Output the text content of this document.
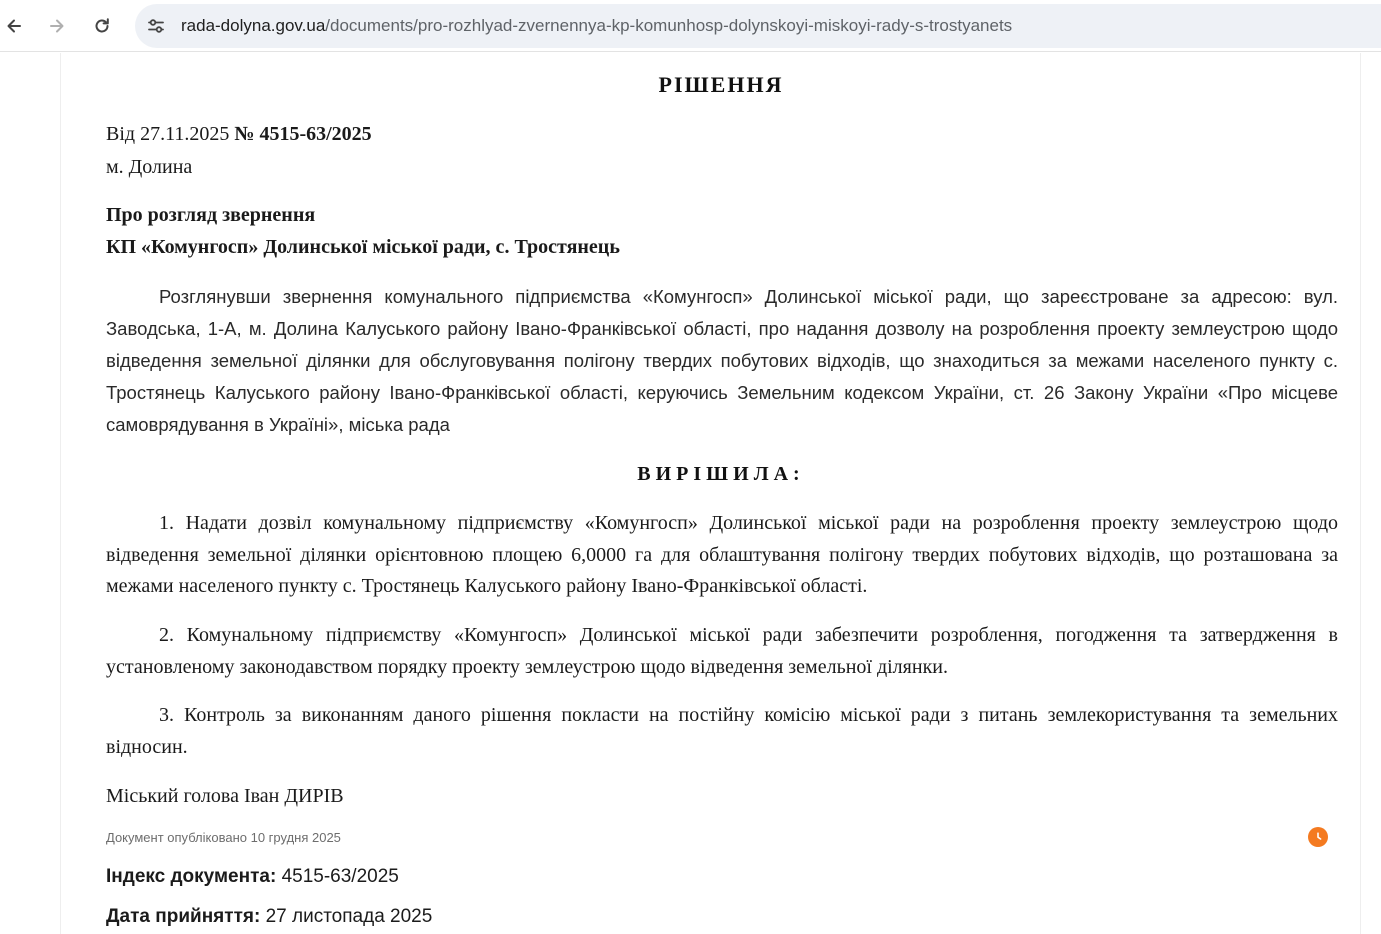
rada-dolyna.gov.ua/documents/pro-rozhlyad-zvernennya-kp-komunhosp-dolynskoyi-miskoyi-rady-s-trostyanets
РІШЕННЯ
Від 27.11.2025 № 4515-63/2025
м. Долина
Про розгляд звернення
КП «Комунгосп» Долинської міської ради, с. Тростянець
Розглянувши звернення комунального підприємства «Комунгосп» Долинської міської ради, що зареєстроване за адресою: вул. Заводська, 1-А, м. Долина Калуського району Івано-Франківської області, про надання дозволу на розроблення проекту землеустрою щодо відведення земельної ділянки для обслуговування полігону твердих побутових відходів, що знаходиться за межами населеного пункту с. Тростянець Калуського району Івано-Франківської області, керуючись Земельним кодексом України, ст. 26 Закону України «Про місцеве самоврядування в Україні», міська рада
ВИРІШИЛА:
1. Надати дозвіл комунальному підприємству «Комунгосп» Долинської міської ради на розроблення проекту землеустрою щодо відведення земельної ділянки орієнтовною площею 6,0000 га для облаштування полігону твердих побутових відходів, що розташована за межами населеного пункту с. Тростянець Калуського району Івано-Франківської області.
2. Комунальному підприємству «Комунгосп» Долинської міської ради забезпечити розроблення, погодження та затвердження в установленому законодавством порядку проекту землеустрою щодо відведення земельної ділянки.
3. Контроль за виконанням даного рішення покласти на постійну комісію міської ради з питань землекористування та земельних відносин.
Міський голова Іван ДИРІВ
Документ опубліковано 10 грудня 2025
Індекс документа: 4515-63/2025
Дата прийняття: 27 листопада 2025
